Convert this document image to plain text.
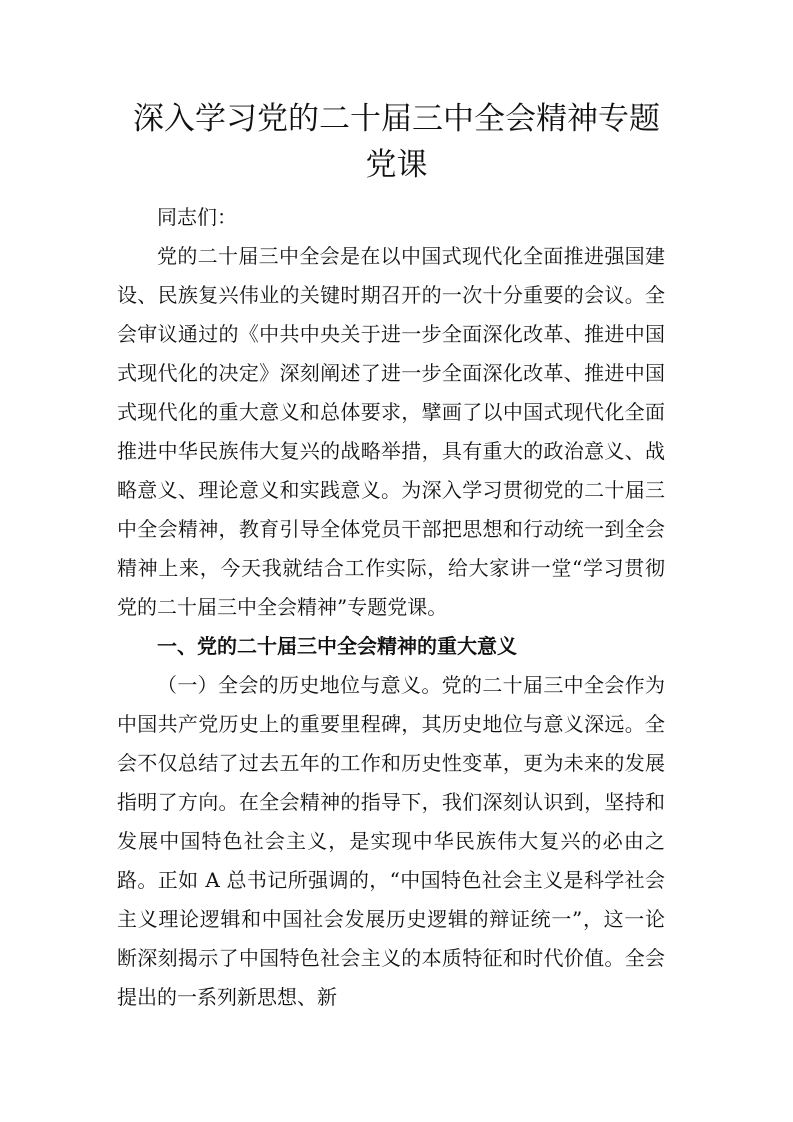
深入学习党的二十届三中全会精神专题党课

同志们：

党的二十届三中全会是在以中国式现代化全面推进强国建设、民族复兴伟业的关键时期召开的一次十分重要的会议。全会审议通过的《中共中央关于进一步全面深化改革、推进中国式现代化的决定》深刻阐述了进一步全面深化改革、推进中国式现代化的重大意义和总体要求，擘画了以中国式现代化全面推进中华民族伟大复兴的战略举措，具有重大的政治意义、战略意义、理论意义和实践意义。为深入学习贯彻党的二十届三中全会精神，教育引导全体党员干部把思想和行动统一到全会精神上来，今天我就结合工作实际，给大家讲一堂“学习贯彻党的二十届三中全会精神”专题党课。

一、党的二十届三中全会精神的重大意义

（一）全会的历史地位与意义。党的二十届三中全会作为中国共产党历史上的重要里程碑，其历史地位与意义深远。全会不仅总结了过去五年的工作和历史性变革，更为未来的发展指明了方向。在全会精神的指导下，我们深刻认识到，坚持和发展中国特色社会主义，是实现中华民族伟大复兴的必由之路。正如 A 总书记所强调的，“中国特色社会主义是科学社会主义理论逻辑和中国社会发展历史逻辑的辩证统一”，这一论断深刻揭示了中国特色社会主义的本质特征和时代价值。全会提出的一系列新思想、新
